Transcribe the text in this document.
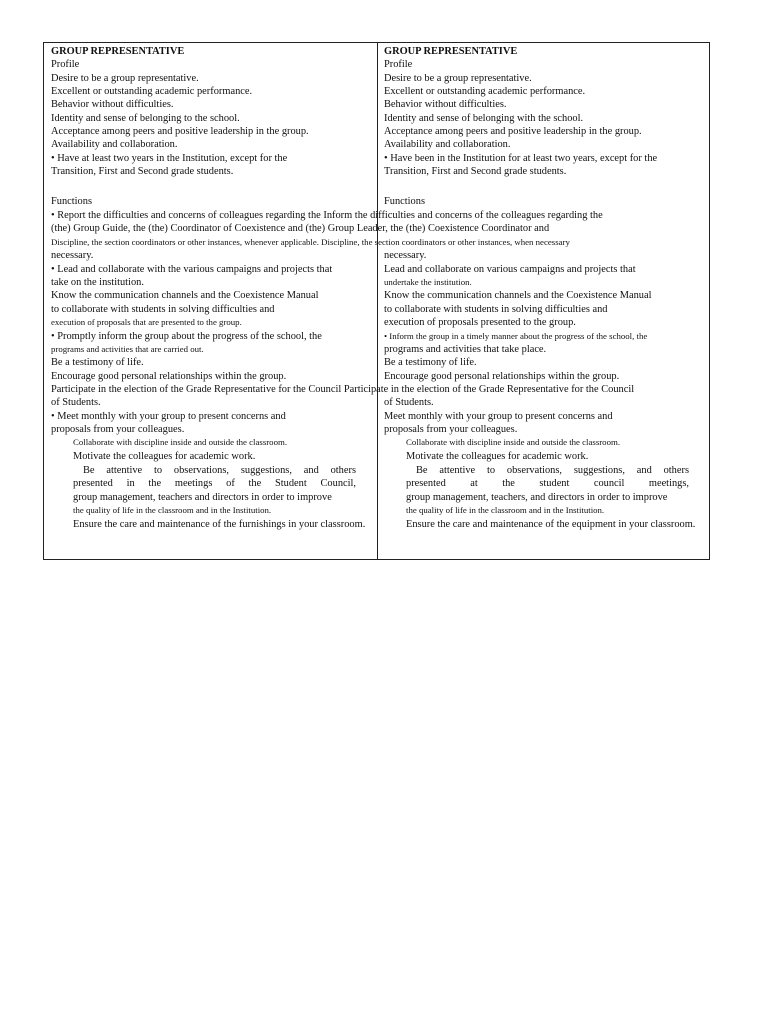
GROUP REPRESENTATIVE
Profile
Desire to be a group representative.
Excellent or outstanding academic performance.
Behavior without difficulties.
Identity and sense of belonging to the school.
Acceptance among peers and positive leadership in the group.
Availability and collaboration.
• Have at least two years in the Institution, except for the
Transition, First and Second grade students.
Functions
• Report the difficulties and concerns of colleagues regarding the Inform the difficulties and concerns of the colleagues regarding the
(the) Group Guide, the (the) Coordinator of Coexistence and (the) Group Leader, the (the) Coexistence Coordinator and
Discipline, the section coordinators or other instances, whenever applicable. Discipline, the section coordinators or other instances, when necessary
necessary.
• Lead and collaborate with the various campaigns and projects that
take on the institution.
Know the communication channels and the Coexistence Manual
to collaborate with students in solving difficulties and
execution of proposals that are presented to the group.
• Promptly inform the group about the progress of the school, the
programs and activities that are carried out.
Be a testimony of life.
Encourage good personal relationships within the group.
Participate in the election of the Grade Representative for the Council Participate in the election of the Grade Representative for the Council
of Students.
• Meet monthly with your group to present concerns and
proposals from your colleagues.
Collaborate with discipline inside and outside the classroom.
Motivate the colleagues for academic work.
Be attentive to observations, suggestions, and others
presented in the meetings of the Student Council,
group management, teachers and directors in order to improve
the quality of life in the classroom and in the Institution.
Ensure the care and maintenance of the furnishings in your classroom.
GROUP REPRESENTATIVE
Profile
Desire to be a group representative.
Excellent or outstanding academic performance.
Behavior without difficulties.
Identity and sense of belonging with the school.
Acceptance among peers and positive leadership in the group.
Availability and collaboration.
• Have been in the Institution for at least two years, except for the
Transition, First and Second grade students.
Functions
necessary.
Lead and collaborate on various campaigns and projects that
undertake the institution.
Know the communication channels and the Coexistence Manual
to collaborate with students in solving difficulties and
execution of proposals presented to the group.
• Inform the group in a timely manner about the progress of the school, the
programs and activities that take place.
Be a testimony of life.
Encourage good personal relationships within the group.
of Students.
Meet monthly with your group to present concerns and
proposals from your colleagues.
Collaborate with discipline inside and outside the classroom.
Motivate the colleagues for academic work.
Be attentive to observations, suggestions, and others
presented at the student council meetings,
group management, teachers, and directors in order to improve
the quality of life in the classroom and in the Institution.
Ensure the care and maintenance of the equipment in your classroom.
